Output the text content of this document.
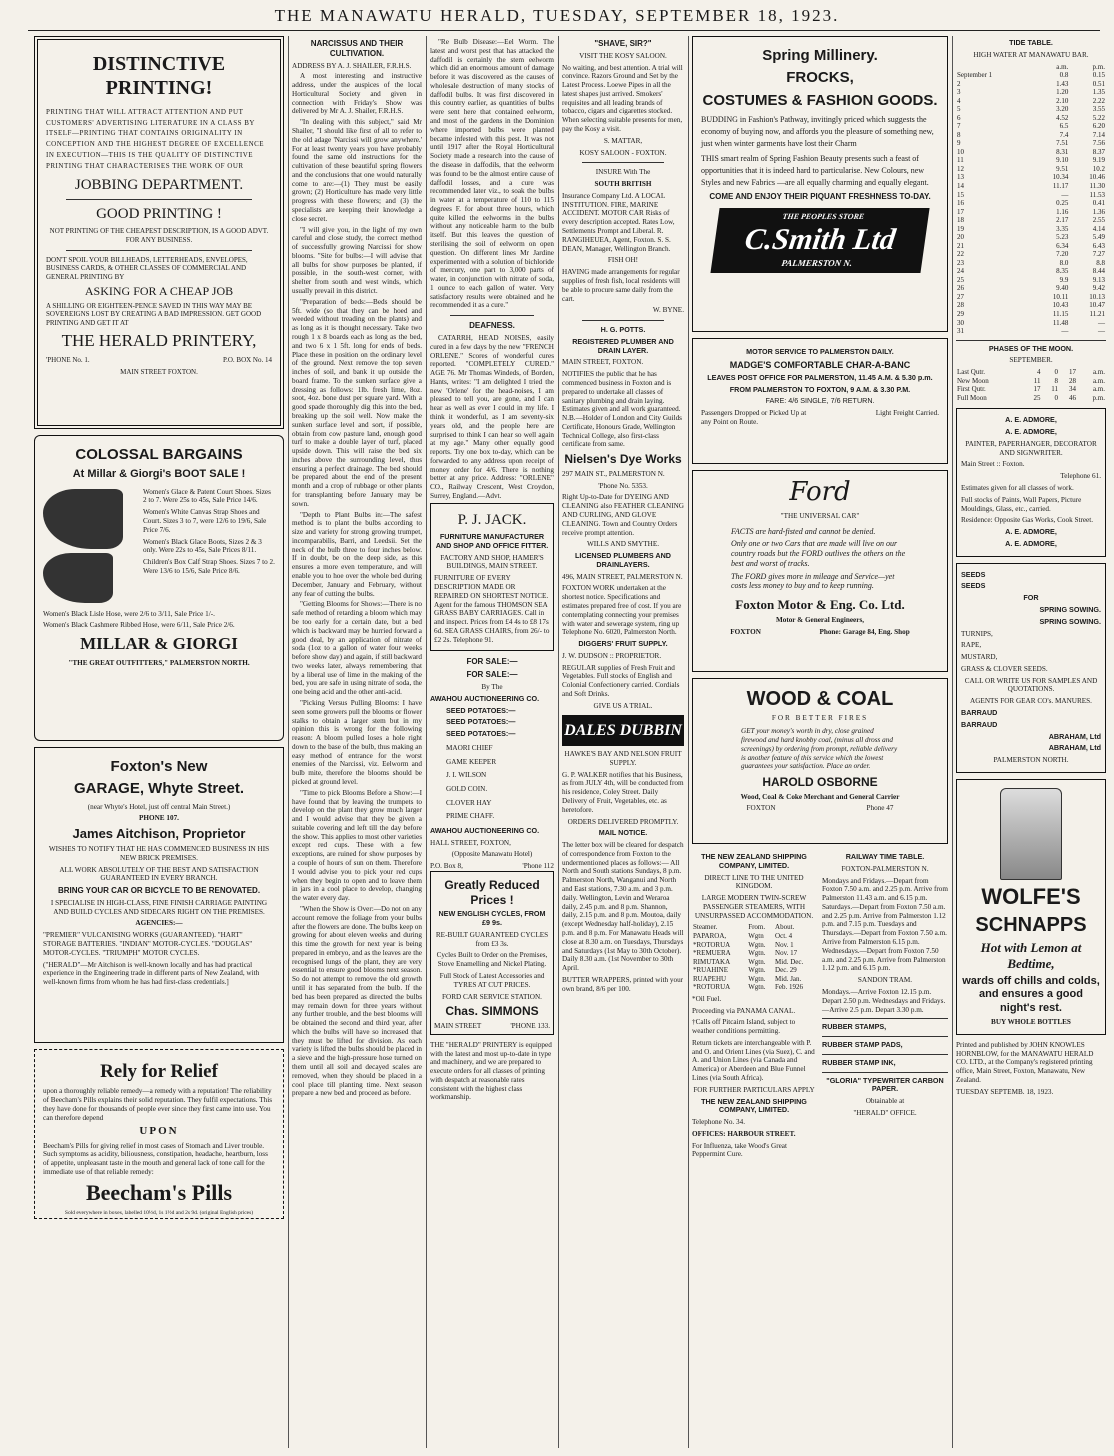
THE MANAWATU HERALD, TUESDAY, SEPTEMBER 18, 1923.
DISTINCTIVE PRINTING!

PRINTING THAT WILL ATTRACT ATTENTION AND PUT CUSTOMERS' ADVERTISING LITERATURE IN A CLASS BY ITSELF—PRINTING THAT CONTAINS ORIGINALITY IN CONCEPTION AND THE HIGHEST DEGREE OF EXCELLENCE IN EXECUTION—THIS IS THE QUALITY OF DISTINCTIVE PRINTING THAT CHARACTERISES THE WORK OF OUR

JOBBING DEPARTMENT.
GOOD PRINTING !

NOT PRINTING OF THE CHEAPEST DESCRIPTION, IS A GOOD ADVT. FOR ANY BUSINESS.

DON'T SPOIL YOUR BILLHEADS, LETTERHEADS, ENVELOPES, BUSINESS CARDS, & OTHER CLASSES OF COMMERCIAL AND GENERAL PRINTING BY

ASKING FOR A CHEAP JOB

A SHILLING OR EIGHTEEN-PENCE SAVED IN THIS WAY MAY BE SOVEREIGNS LOST BY CREATING A BAD IMPRESSION. GET GOOD PRINTING AND GET IT AT

THE HERALD PRINTERY,
'PHONE No. 1.	P.O. BOX No. 14

MAIN STREET FOXTON.

COLOSSAL BARGAINS
At Millar & Giorgi's BOOT SALE !

Women's Glace & Patent Court Shoes. Sizes 2 to 7. Were 25s to 45s, Sale Price 14/6.

Women's White Canvas Strap Shoes and Court. Sizes 3 to 7, were 12/6 to 19/6, Sale Price 7/6.

Women's Black Glace Boots, Sizes 2 & 3 only. Were 22s to 45s, Sale Prices 8/11.

Children's Box Calf Strap Shoes. Sizes 7 to 2. Were 13/6 to 15/6, Sale Price 8/6.

Women's Black Lisle Hose, were 2/6 to 3/11, Sale Price 1/-.

Women's Black Cashmere Ribbed Hose, were 6/11, Sale Price 2/6.

MILLAR & GIORGI

"THE GREAT OUTFITTERS," PALMERSTON NORTH.

Foxton's New
GARAGE, Whyte Street.

(near Whyte's Hotel, just off central Main Street.)

PHONE 107.

James Aitchison, Proprietor

WISHES TO NOTIFY THAT HE HAS COMMENCED BUSINESS IN HIS NEW BRICK PREMISES.

ALL WORK ABSOLUTELY OF THE BEST AND SATISFACTION GUARANTEED IN EVERY BRANCH.

BRING YOUR CAR OR BICYCLE TO BE RENOVATED.

I SPECIALISE IN HIGH-CLASS, FINE FINISH CARRIAGE PAINTING AND BUILD CYCLES AND SIDECARS RIGHT ON THE PREMISES.

AGENCIES:—

"PREMIER" VULCANISING WORKS (GUARANTEED). "HART" STORAGE BATTERIES. "INDIAN" MOTOR-CYCLES. "DOUGLAS" MOTOR-CYCLES. "TRIUMPH" MOTOR CYCLES.

("HERALD"—Mr Aitchison is well-known locally and has had practical experience in the Engineering trade in different parts of New Zealand, with well-known firms from whom he has had first-class credentials.]

Rely for Relief

upon a thoroughly reliable remedy—a remedy with a reputation! The reliability of Beecham's Pills explains their solid reputation. They fulfil expectations. This they have done for thousands of people ever since they first came into use. You can therefore depend

UPON

Beecham's Pills for giving relief in most cases of Stomach and Liver trouble. Such symptoms as acidity, biliousness, constipation, headache, heartburn, loss of appetite, unpleasant taste in the mouth and general lack of tone call for the immediate use of that reliable remedy:

Beecham's Pills

Sold everywhere in boxes, labelled 10½d, 1s 1½d and 2s 9d. (original English prices)

NARCISSUS AND THEIR CULTIVATION.

ADDRESS BY A. J. SHAILER, F.R.H.S.

A most interesting and instructive address, under the auspices of the local Horticultural Society and given in connection with Friday's Show was delivered by Mr A. J. Shailer, F.R.H.S.

"In dealing with this subject," said Mr Shailer, "I should like first of all to refer to the old adage 'Narcissi will grow anywhere.' For at least twenty years you have probably found the same old instructions for the cultivation of these beautiful spring flowers and the conclusions that one would naturally come to are:—(1) They must be easily grown; (2) Horticulture has made very little progress with these flowers; and (3) the specialists are keeping their knowledge a close secret.

"I will give you, in the light of my own careful and close study, the correct method of successfully growing Narcissi for show blooms. "Site for bulbs:—I will advise that all bulbs for show purposes be planted, if possible, in the south-west corner, with shelter from south and west winds, which usually prevail in this district.

"Preparation of beds:—Beds should be 5ft. wide (so that they can be hoed and weeded without treading on the plants) and as long as it is thought necessary. Take two rough 1 x 8 boards each as long as the bed, and two 6 x 1 5ft. long for ends of beds. Place these in position on the ordinary level of the ground. Next remove the top seven inches of soil, and bank it up outside the board frame. To the sunken surface give a dressing as follows: 1lb. fresh lime, 8oz. soot, 4oz. bone dust per square yard. With a good spade thoroughly dig this into the bed, breaking up the soil well. Now make the sunken surface level and sort, if possible, obtain from cow pasture land, enough good turf to make a double layer of turf, placed upside down. This will raise the bed six inches above the surrounding level, thus ensuring a perfect drainage. The bed should be prepared about the end of the present month and a crop of rubbage or other plants for transplanting before January may be sown.

"Depth to Plant Bulbs in:—The safest method is to plant the bulbs according to size and variety for strong growing trumpet, incomparabilis, Barri, and Leedsii. Set the neck of the bulb three to four inches below. If in doubt, be on the deep side, as this ensures a more even temperature, and will enable you to hoe over the whole bed during December, January and February, without any fear of cutting the bulbs.

"Getting Blooms for Shows:—There is no safe method of retarding a bloom which may be too early for a certain date, but a bed which is backward may be hurried forward a good deal, by an application of nitrate of soda (1oz to a gallon of water four weeks before show day) and again, if still backward two weeks later, always remembering that by a liberal use of lime in the making of the bed, you are safe in using nitrate of soda, the one being acid and the other anti-acid.

"Picking Versus Pulling Blooms: I have seen some growers pull the blooms or flower stalks to obtain a larger stem but in my opinion this is wrong for the following reason: A bloom pulled loses a hole right down to the base of the bulb, thus making an easy method of entrance for the worst enemies of the Narcissi, viz. Eelworm and bulb mite, therefore the blooms should be picked at ground level.

"Time to pick Blooms Before a Show:—I have found that by leaving the trumpets to develop on the plant they grow much larger and I would advise that they be given a suitable covering and left till the day before the show. This applies to most other varieties except red cups. These with a few exceptions, are ruined for show purposes by a couple of hours of sun on them. Therefore I would advise you to pick your red cups when they begin to open and to leave them in jars in a cool place to develop, changing the water every day.

"When the Show is Over:—Do not on any account remove the foliage from your bulbs after the flowers are done. The bulbs keep on growing for about eleven weeks and during this time the growth for next year is being prepared in embryo, and as the leaves are the recognised lungs of the plant, they are very essential to ensure good blooms next season. So do not attempt to remove the old growth until it has separated from the bulb. If the bed has been prepared as directed the bulbs may remain down for three years without any further trouble, and the best blooms will be obtained the second and third year, after which the bulbs will have so increased that they must be lifted for division. As each variety is lifted the bulbs should be placed in a sieve and the high-pressure hose turned on them until all soil and decayed scales are removed, when they should be placed in a cool place till planting time. Next season prepare a new bed and proceed as before.

"Re Bulb Disease:—Eel Worm. The latest and worst pest that has attacked the daffodil is certainly the stem eelworm which did an enormous amount of damage before it was discovered as the causes of wholesale destruction of many stocks of daffodil bulbs. It was first discovered in this country earlier, as quantities of bulbs were sent here that contained eelworm, and most of the gardens in the Dominion where imported bulbs were planted became infested with this pest. It was not until 1917 after the Royal Horticultural Society made a research into the cause of the disease in daffodils, that the eelworm was found to be the almost entire cause of daffodil losses, and a cure was recommended later viz., to soak the bulbs in water at a temperature of 110 to 115 degrees F. for about three hours, which quite killed the eelworms in the bulbs without any noticeable harm to the bulb itself. But this leaves the question of sterilising the soil of eelworm on open question. On different lines Mr Jardine experimented with a solution of bichloride of mercury, one part to 3,000 parts of water, in conjunction with nitrate of soda, 1 ounce to each gallon of water. Very satisfactory results were obtained and he recommended it as a cure."

DEAFNESS.

CATARRH, HEAD NOISES, easily cured in a few days by the new "FRENCH ORLENE." Scores of wonderful cures reported. "COMPLETELY CURED." AGE 76. Mr Thomas Windeds, of Borden, Hants, writes: "I am delighted I tried the new 'Orlene' for the head-noises, I am pleased to tell you, are gone, and I can hear as well as ever I could in my life. I think it wonderful, as I am seventy-six years old, and the people here are surprised to think I can hear so well again at my age." Many other equally good reports. Try one box to-day, which can be forwarded to any address upon receipt of money order for 4/6. There is nothing better at any price. Address: "ORLENE" CO., Railway Crescent, West Croydon, Surrey, England.—Advt.

P. J. JACK.

FURNITURE MANUFACTURER AND SHOP AND OFFICE FITTER.

FACTORY AND SHOP, HAMER'S BUILDINGS, MAIN STREET.

FURNITURE OF EVERY DESCRIPTION MADE OR REPAIRED ON SHORTEST NOTICE. Agent for the famous THOMSON SEA GRASS BABY CARRIAGES. Call in and inspect. Prices from £4 4s to £8 17s 6d. SEA GRASS CHAIRS, from 26/- to £2 2s. Telephone 91.

FOR SALE:—

FOR SALE:—

By The

AWAHOU AUCTIONEERING CO.

SEED POTATOES:—

SEED POTATOES:—

SEED POTATOES:—

MAORI CHIEF
GAME KEEPER
J. I. WILSON
GOLD COIN.
CLOVER HAY
PRIME CHAFF.

AWAHOU AUCTIONEERING CO.

HALL STREET, FOXTON,

(Opposite Manawatu Hotel)

P.O. Box 8,	'Phone 112
Greatly Reduced Prices !

NEW ENGLISH CYCLES, FROM £9 9s.

RE-BUILT GUARANTEED CYCLES from £3 3s.

Cycles Built to Order on the Premises, Stove Enamelling and Nickel Plating.

Full Stock of Latest Accessories and TYRES AT CUT PRICES.

FORD CAR SERVICE STATION.

Chas. SIMMONS
MAIN STREET	'PHONE 133.

THE "HERALD" PRINTERY is equipped with the latest and most up-to-date in type and machinery, and we are prepared to execute orders for all classes of printing with despatch at reasonable rates consistent with the highest class workmanship.

"SHAVE, SIR?"

VISIT THE KOSY SALOON.

No waiting, and best attention. A trial will convince. Razors Ground and Set by the Latest Process. Loewe Pipes in all the latest shapes just arrived. Smokers' requisites and all leading brands of tobacco, cigars and cigarettes stocked. When selecting suitable presents for men, pay the Kosy a visit.

S. MATTAR,

KOSY SALOON - FOXTON.

INSURE With The

SOUTH BRITISH

Insurance Company Ltd. A LOCAL INSTITUTION. FIRE, MARINE ACCIDENT. MOTOR CAR Risks of every description accepted. Rates Low, Settlements Prompt and Liberal. R. RANGIHEUEA, Agent, Foxton. S. S. DEAN, Manager, Wellington Branch.

FISH OH!

HAVING made arrangements for regular supplies of fresh fish, local residents will be able to procure same daily from the cart.

W. BYNE.

H. G. POTTS.

REGISTERED PLUMBER AND DRAIN LAYER.

MAIN STREET, FOXTON.

NOTIFIES the public that he has commenced business in Foxton and is prepared to undertake all classes of sanitary plumbing and drain laying. Estimates given and all work guaranteed. N.B.—Holder of London and City Guilds Certificate, Honours Grade, Wellington Technical College, also first-class certificate from same.

Nielsen's Dye Works

297 MAIN ST., PALMERSTON N.

'Phone No. 5353.

Right Up-to-Date for DYEING AND CLEANING also FEATHER CLEANING AND CURLING, AND GLOVE CLEANING. Town and Country Orders receive prompt attention.

WILLS AND SMYTHE.

LICENSED PLUMBERS AND DRAINLAYERS.

496, MAIN STREET, PALMERSTON N.

FOXTON WORK undertaken at the shortest notice. Specifications and estimates prepared free of cost. If you are contemplating connecting your premises with water and sewerage system, ring up Telephone No. 6020, Palmerston North.

DIGGERS' FRUIT SUPPLY.

J. W. DUDSON :: PROPRIETOR.

REGULAR supplies of Fresh Fruit and Vegetables. Full stocks of English and Colonial Confectionery carried. Cordials and Soft Drinks.

GIVE US A TRIAL.

DALES DUBBIN

HAWKE'S BAY AND NELSON FRUIT SUPPLY.

G. P. WALKER notifies that his Business, as from JULY 4th, will be conducted from his residence, Coley Street. Daily Delivery of Fruit, Vegetables, etc. as heretofore.

ORDERS DELIVERED PROMPTLY.

MAIL NOTICE.

The letter box will be cleared for despatch of correspondence from Foxton to the undermentioned places as follows:— All North and South stations Sundays, 8 p.m. Palmerston North, Wanganui and North and East stations, 7.30 a.m. and 3 p.m. daily. Wellington, Levin and Weraroa daily, 2.45 p.m. and 8 p.m. Shannon, daily, 2.15 p.m. and 8 p.m. Moutoa, daily (except Wednesday half-holiday), 2.15 p.m. and 8 p.m. For Manawatu Heads will close at 8.30 a.m. on Tuesdays, Thursdays and Saturdays (1st May to 30th October). Daily 8.30 a.m. (1st November to 30th April.

BUTTER WRAPPERS, printed with your own brand, 8/6 per 100.

Spring Millinery.
FROCKS,
COSTUMES & FASHION GOODS.

BUDDING in Fashion's Pathway, invitingly priced which suggests the economy of buying now, and affords you the pleasure of something new, just when winter garments have lost their Charm

THIS smart realm of Spring Fashion Beauty presents such a feast of opportunities that it is indeed hard to particularise. New Colours, new Styles and new Fabrics —are all equally charming and equally elegant.

COME AND ENJOY THEIR PIQUANT FRESHNESS TO-DAY.

THE PEOPLES STORE
C.Smith Ltd
PALMERSTON N.

MOTOR SERVICE TO PALMERSTON DAILY.

MADGE'S COMFORTABLE CHAR-A-BANC

LEAVES POST OFFICE FOR PALMERSTON, 11.45 A.M. & 5.30 p.m.

FROM PALMERSTON TO FOXTON, 9 A.M. & 3.30 P.M.

FARE: 4/6 SINGLE, 7/6 RETURN.

Passengers Dropped or Picked Up at any Point on Route.
Light Freight Carried.
Ford

"THE UNIVERSAL CAR"

FACTS are hard-fisted and cannot be denied.

Only one or two Cars that are made will live on our country roads but the FORD outlives the others on the best and worst of tracks.

The FORD gives more in mileage and Service—yet costs less money to buy and to keep running.

Foxton Motor & Eng. Co. Ltd.

Motor & General Engineers,

FOXTON	Phone: Garage 84, Eng. Shop
WOOD & COAL

FOR BETTER FIRES

GET your money's worth in dry, close grained firewood and hard knobby coal, (minus all dross and screenings) by ordering from prompt, reliable delivery is another feature of this service which the lowest guarantees your satisfaction. Place an order.

HAROLD OSBORNE

Wood, Coal & Coke Merchant and General Carrier

FOXTON	Phone 47

THE NEW ZEALAND SHIPPING COMPANY, LIMITED.

DIRECT LINE TO THE UNITED KINGDOM.

LARGE MODERN TWIN-SCREW PASSENGER STEAMERS, WITH UNSURPASSED ACCOMMODATION.

Steamer.	From.	About.
PAPAROA,	Wgtn	Oct. 4
*ROTORUA	Wgtn.	Nov. 1
*REMUERA	Wgtn.	Nov. 17
RIMUTAKA	Wgtn.	Mid. Dec.
*RUAHINE	Wgtn.	Dec. 29
RUAPEHU	Wgtn.	Mid. Jan.
*ROTORUA	Wgtn.	Feb. 1926

*Oil Fuel.

Proceeding via PANAMA CANAL.

†Calls off Pitcairn Island, subject to weather conditions permitting.

Return tickets are interchangeable with P. and O. and Orient Lines (via Suez), C. and A. and Union Lines (via Canada and America) or Aberdeen and Blue Funnel Lines (via South Africa).

FOR FURTHER PARTICULARS APPLY

THE NEW ZEALAND SHIPPING COMPANY, LIMITED.

Telephone No. 34.

OFFICES: HARBOUR STREET.

For Influenza, take Wood's Great Peppermint Cure.

RAILWAY TIME TABLE.

FOXTON-PALMERSTON N.

Mondays and Fridays.—Depart from Foxton 7.50 a.m. and 2.25 p.m. Arrive from Palmerston 11.43 a.m. and 6.15 p.m. Saturdays.—Depart from Foxton 7.50 a.m. and 2.25 p.m. Arrive from Palmerston 1.12 p.m. and 7.15 p.m. Tuesdays and Thursdays.—Depart from Foxton 7.50 a.m. Arrive from Palmerston 6.15 p.m. Wednesdays.—Depart from Foxton 7.50 a.m. and 2.25 p.m. Arrive from Palmerston 1.12 p.m. and 6.15 p.m.

SANDON TRAM.

Mondays.—Arrive Foxton 12.15 p.m. Depart 2.50 p.m. Wednesdays and Fridays.—Arrive 2.5 p.m. Depart 3.30 p.m.

RUBBER STAMPS,

RUBBER STAMP PADS,

RUBBER STAMP INK,

"GLORIA" TYPEWRITER CARBON PAPER.

Obtainable at

"HERALD" OFFICE.

TIDE TABLE.

HIGH WATER AT MANAWATU BAR.

	a.m.	p.m.
September 1	0.8	0.15
2	1.43	0.51
3	1.20	1.35
4	2.10	2.22
5	3.20	3.55
6	4.52	5.22
7	6.5	6.20
8	7.4	7.14
9	7.51	7.56
10	8.31	8.37
11	9.10	9.19
12	9.51	10.2
13	10.34	10.46
14	11.17	11.30
15	—	11.53
16	0.25	0.41
17	1.16	1.36
18	2.17	2.55
19	3.35	4.14
20	5.23	5.49
21	6.34	6.43
22	7.20	7.27
23	8.0	8.8
24	8.35	8.44
25	9.9	9.13
26	9.40	9.42
27	10.11	10.13
28	10.43	10.47
29	11.15	11.21
30	11.48	—
31	—	—

PHASES OF THE MOON.

SEPTEMBER.

Last Qutr.	4	0	17	a.m.
New Moon	11	8	28	a.m.
First Qutr.	17	11	34	a.m.
Full Moon	25	0	46	p.m.

A. E. ADMORE,

A. E. ADMORE,

PAINTER, PAPERHANGER, DECORATOR AND SIGNWRITER.

Main Street :: Foxton.

Telephone 61.

Estimates given for all classes of work.

Full stocks of Paints, Wall Papers, Picture Mouldings, Glass, etc., carried.

Residence: Opposite Gas Works, Cook Street.

A. E. ADMORE,

A. E. ADMORE,

SEEDS

SEEDS

FOR

SPRING SOWING.

SPRING SOWING.

TURNIPS,

RAPE,

MUSTARD,

GRASS & CLOVER SEEDS.

CALL OR WRITE US FOR SAMPLES AND QUOTATIONS.

AGENTS FOR GEAR CO's. MANURES.

BARRAUD

BARRAUD

ABRAHAM, Ltd

ABRAHAM, Ltd

PALMERSTON NORTH.

WOLFE'S
SCHNAPPS

Hot with Lemon at Bedtime,

wards off chills and colds, and ensures a good night's rest.

BUY WHOLE BOTTLES

Printed and published by JOHN KNOWLES HORNBLOW, for the MANAWATU HERALD CO. LTD., at the Company's registered printing office, Main Street, Foxton, Manawatu, New Zealand.

TUESDAY SEPTEMB. 18, 1923.
